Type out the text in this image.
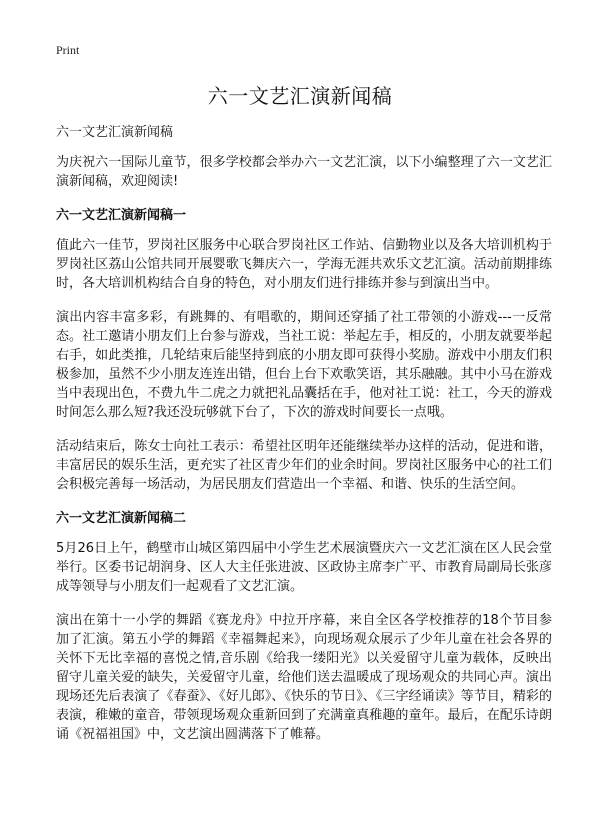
Print
六一文艺汇演新闻稿

六一文艺汇演新闻稿

为庆祝六一国际儿童节，很多学校都会举办六一文艺汇演，以下小编整理了六一文艺汇演新闻稿，欢迎阅读!

六一文艺汇演新闻稿一

值此六一佳节，罗岗社区服务中心联合罗岗社区工作站、信勤物业以及各大培训机构于罗岗社区荔山公馆共同开展婴歌飞舞庆六一，学海无涯共欢乐文艺汇演。活动前期排练时，各大培训机构结合自身的特色，对小朋友们进行排练并参与到演出当中。

演出内容丰富多彩，有跳舞的、有唱歌的，期间还穿插了社工带领的小游戏---一反常态。社工邀请小朋友们上台参与游戏，当社工说：举起左手，相反的，小朋友就要举起右手，如此类推，几轮结束后能坚持到底的小朋友即可获得小奖励。游戏中小朋友们积极参加，虽然不少小朋友连连出错，但台上台下欢歌笑语，其乐融融。其中小马在游戏当中表现出色，不费九牛二虎之力就把礼品囊括在手，他对社工说：社工，今天的游戏时间怎么那么短?我还没玩够就下台了，下次的游戏时间要长一点哦。

活动结束后，陈女士向社工表示：希望社区明年还能继续举办这样的活动，促进和谐，丰富居民的娱乐生活，更充实了社区青少年们的业余时间。罗岗社区服务中心的社工们会积极完善每一场活动，为居民朋友们营造出一个幸福、和谐、快乐的生活空间。

六一文艺汇演新闻稿二

5月26日上午，鹤壁市山城区第四届中小学生艺术展演暨庆六一文艺汇演在区人民会堂举行。区委书记胡润身、区人大主任张进波、区政协主席李广平、市教育局副局长张彦成等领导与小朋友们一起观看了文艺汇演。

演出在第十一小学的舞蹈《赛龙舟》中拉开序幕，来自全区各学校推荐的18个节目参加了汇演。第五小学的舞蹈《幸福舞起来》，向现场观众展示了少年儿童在社会各界的关怀下无比幸福的喜悦之情,音乐剧《给我一缕阳光》以关爱留守儿童为载体，反映出留守儿童关爱的缺失，关爱留守儿童，给他们送去温暖成了现场观众的共同心声。演出现场还先后表演了《春蚕》、《好儿郎》、《快乐的节日》、《三字经诵读》等节目，精彩的表演，稚嫩的童音，带领现场观众重新回到了充满童真稚趣的童年。最后，在配乐诗朗诵《祝福祖国》中，文艺演出圆满落下了帷幕。
